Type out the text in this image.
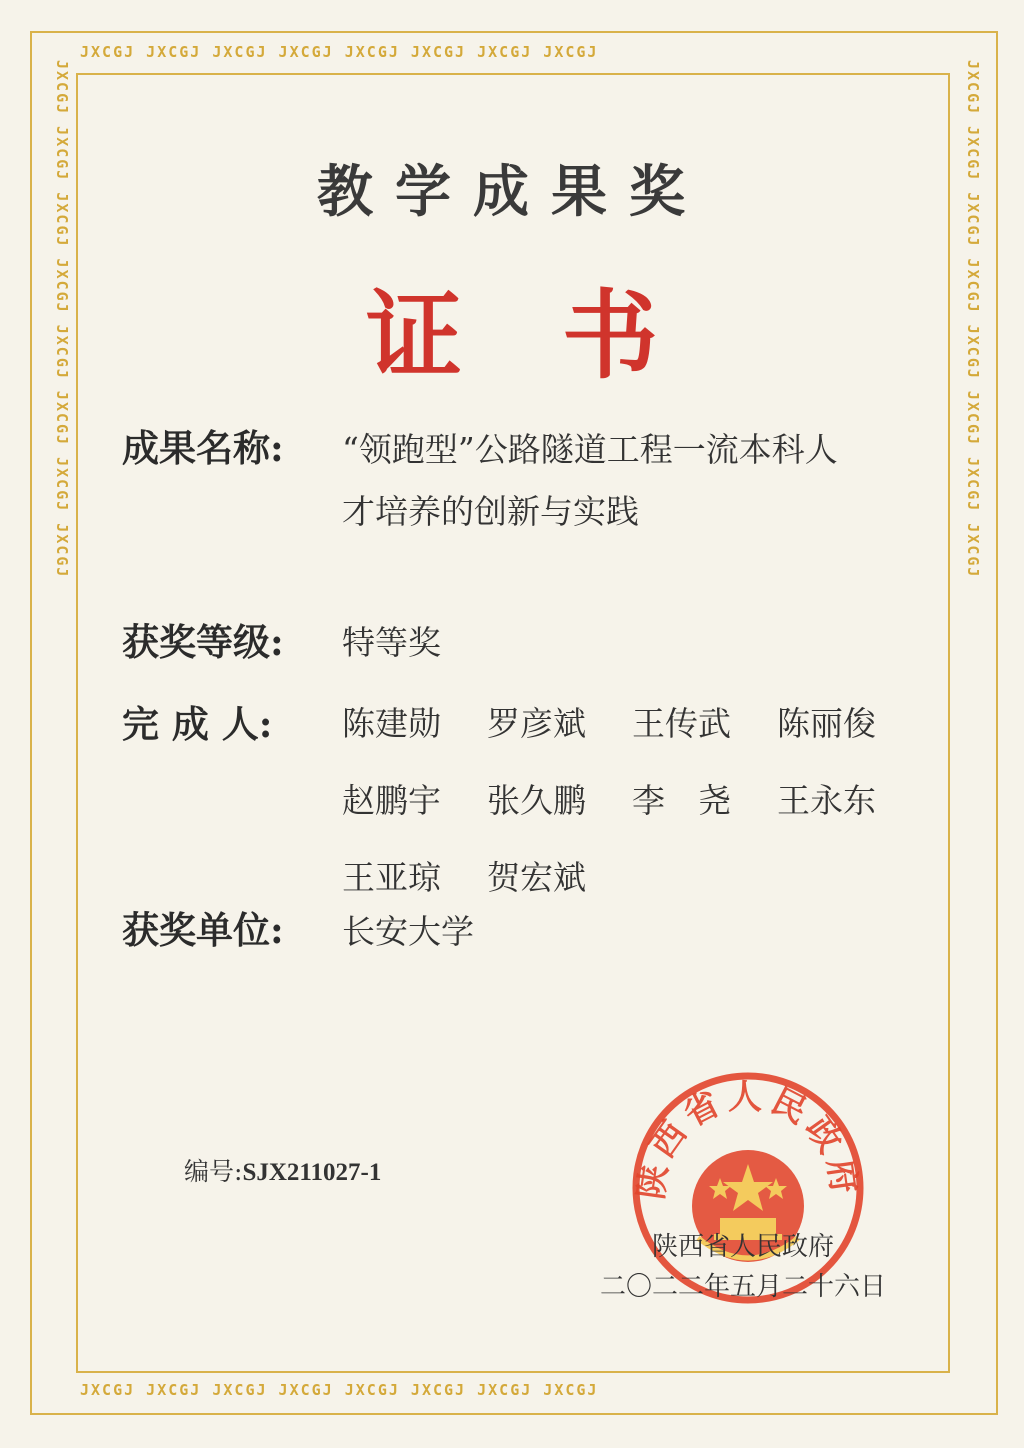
JXCGJ JXCGJ JXCGJ JXCGJ JXCGJ JXCGJ JXCGJ JXCGJ
JXCGJ JXCGJ JXCGJ JXCGJ JXCGJ JXCGJ JXCGJ JXCGJ
JXCGJ JXCGJ JXCGJ JXCGJ JXCGJ JXCGJ JXCGJ JXCGJ	JXCGJ JXCGJ JXCGJ JXCGJ JXCGJ JXCGJ JXCGJ JXCGJ
教学成果奖
证书
成果名称: “领跑型”公路隧道工程一流本科人
才培养的创新与实践
获奖等级: 特等奖
完 成 人: 陈建勋	罗彦斌	王传武	陈丽俊
赵鹏宇	张久鹏	李　尧	王永东
王亚琼	贺宏斌
获奖单位: 长安大学
编号:SJX211027-1	陕西省人民政府
陕西省人民政府
二〇二二年五月二十六日
